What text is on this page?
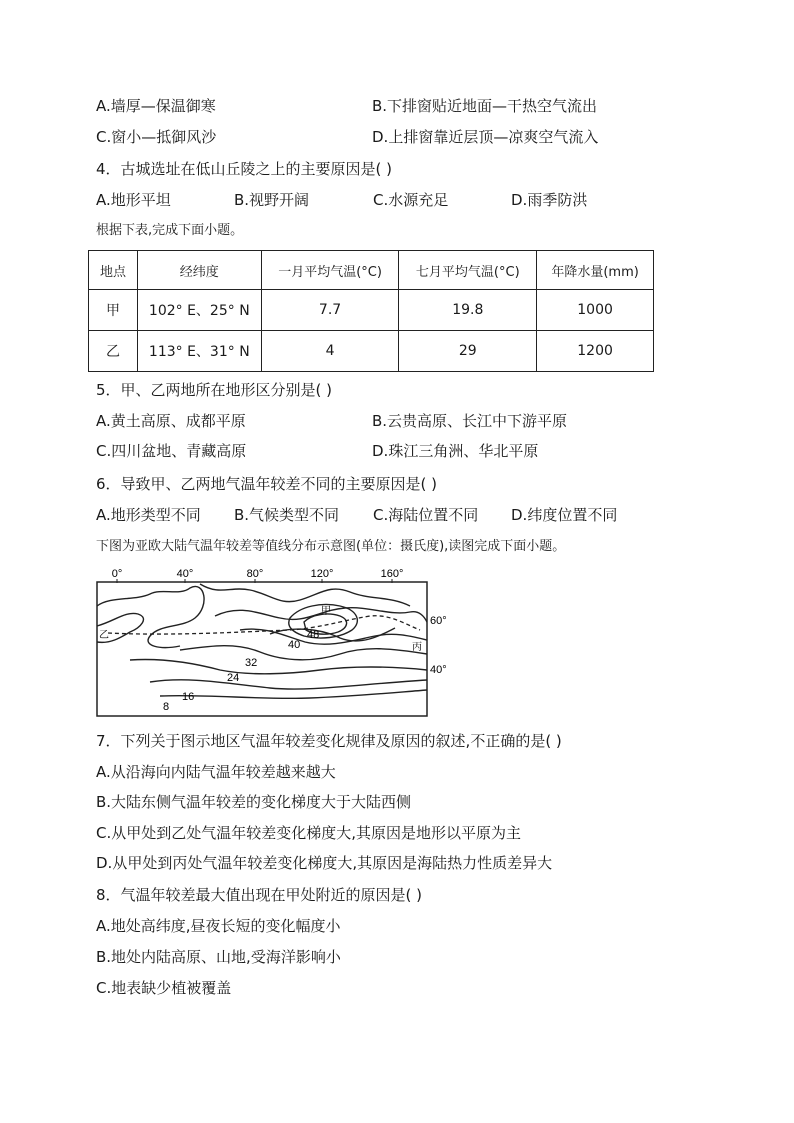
A.墙厚—保温御寒	B.下排窗贴近地面—干热空气流出
C.窗小—抵御风沙	D.上排窗靠近层顶—凉爽空气流入
4．古城选址在低山丘陵之上的主要原因是( )
A.地形平坦	B.视野开阔	C.水源充足	D.雨季防洪
根据下表,完成下面小题。
地点	经纬度	一月平均气温(°C)	七月平均气温(°C)	年降水量(mm)
甲	102° E、25° N	7.7	19.8	1000
乙	113° E、31° N	4	29	1200
5．甲、乙两地所在地形区分别是( )
A.黄土高原、成都平原	B.云贵高原、长江中下游平原
C.四川盆地、青藏高原	D.珠江三角洲、华北平原
6．导致甲、乙两地气温年较差不同的主要原因是( )
A.地形类型不同 B.气候类型不同 C.海陆位置不同 D.纬度位置不同
下图为亚欧大陆气温年较差等值线分布示意图(单位：摄氏度),读图完成下面小题。
0°	40°	80°	120°	160°
60°
40°
48
40
32
24
16
8
甲
乙
丙
7．下列关于图示地区气温年较差变化规律及原因的叙述,不正确的是( )
A.从沿海向内陆气温年较差越来越大
B.大陆东侧气温年较差的变化梯度大于大陆西侧
C.从甲处到乙处气温年较差变化梯度大,其原因是地形以平原为主
D.从甲处到丙处气温年较差变化梯度大,其原因是海陆热力性质差异大
8．气温年较差最大值出现在甲处附近的原因是( )
A.地处高纬度,昼夜长短的变化幅度小
B.地处内陆高原、山地,受海洋影响小
C.地表缺少植被覆盖
